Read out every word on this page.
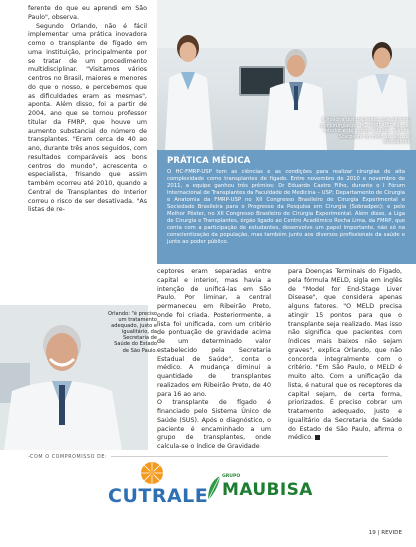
ferente do que eu aprendi em São Paulo", observa.

Segundo Orlando, não é fácil implementar uma prática inovadora como o transplante de fígado em uma instituição, principalmente por se tratar de um procedimento multidisciplinar. "Visitamos vários centros no Brasil, maiores e menores do que o nosso, e percebemos que as dificuldades eram as mesmas", aponta. Além disso, foi a partir de 2004, ano que se tornou professor titular da FMRP, que houve um aumento substancial do número de transplantes. "Eram cerca de 40 ao ano, durante três anos seguidos, com resultados comparáveis aos bons centros do mundo", acrescenta o especialista, frisando que assim também ocorreu até 2010, quando a Central de Transplantes do Interior correu o risco de ser desativada. "As listas de re-

A maioria dos pacientes que passam por cirurgias no HC-FMRP-USP são do interior e de outros estados. Sandro Scarpelini no meio ao lado de estudantes
PRÁTICA MÉDICA

O HC-FMRP-USP tem as ciências e as condições para realizar cirurgias de alta complexidade como transplantes de fígado. Entre novembro de 2010 e novembro de 2011, a equipe ganhou três prêmios: Dr Eduardo Castro Filho, durante o I Fórum Internacional de Transplantes da Faculdade de Medicina – USP; Departamento de Cirurgia e Anatomia da FMRP-USP no XII Congresso Brasileiro de Cirurgia Experimental e Sociedade Brasileira para o Progresso da Pesquisa em Cirurgia (Sobradpec); e pelo Melhor Pôster, no XII Congresso Brasileiro de Cirurgia Experimental. Além disso, a Liga de Cirurgia e Transplantes, órgão ligado ao Centro Acadêmico Rocha Lima, da FMRP, que conta com a participação de estudantes, desenvolve um papel importante, não só na conscientização da população, mas também junto aos diversos profissionais da saúde e junto ao poder público.

Orlando: "é preciso um tratamento adequado, justo e igualitário, da Secretaria de Saúde do Estado de São Paulo.
ceptores eram separadas entre capital e interior, mas havia a intenção de unificá-las em São Paulo. Por liminar, a central permaneceu em Ribeirão Preto, onde foi criada. Posteriormente, a lista foi unificada, com um critério de pontuação de gravidade acima de um determinado valor estabelecido pela Secretaria Estadual de Saúde", conta o médico. A mudança diminui a quantidade de transplantes realizados em Ribeirão Preto, de 40 para 16 ao ano.
O transplante de fígado é financiado pelo Sistema Único de Saúde (SUS). Após o diagnóstico, o paciente é encaminhado a um grupo de transplantes, onde calcula-se o índice de Gravidade
para Doenças Terminais do Fígado, pela fórmula MELD, sigla em inglês de "Model for End-Stage Liver Disease", que considera apenas alguns fatores. "O MELD precisa atingir 15 pontos para que o transplante seja realizado. Mas isso não significa que pacientes com índices mais baixos não sejam graves", explica Orlando, que não concorda integralmente com o critério. "Em São Paulo, o MELD é muito alto. Com a unificação da lista, é natural que os receptores da capital sejam, de certa forma, priorizados. É preciso cobrar um tratamento adequado, justo e igualitário da Secretaria de Saúde do Estado de São Paulo, afirma o médico.
COM O COMPROMISSO DE:
CUTRALE
GRUPO
MAUBISA
19 | REVIDE
